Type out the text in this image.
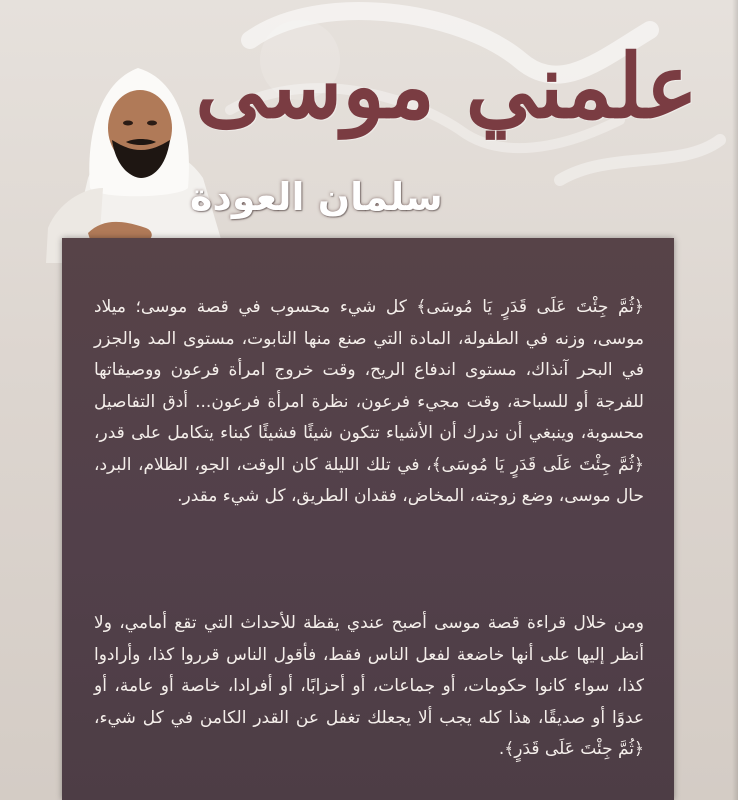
علمني موسى
سلمان العودة

﴿ثُمَّ جِئْتَ عَلَى قَدَرٍ يَا مُوسَى﴾ كل شيء محسوب في قصة موسى؛ ميلاد موسى، وزنه في الطفولة، المادة التي صنع منها التابوت، مستوى المد والجزر في البحر آنذاك، مستوى اندفاع الريح، وقت خروج امرأة فرعون ووصيفاتها للفرجة أو للسباحة، وقت مجيء فرعون، نظرة امرأة فرعون... أدق التفاصيل محسوبة، وينبغي أن ندرك أن الأشياء تتكون شيئًا فشيئًا كبناء يتكامل على قدر،﴿ثُمَّ جِئْتَ عَلَى قَدَرٍ يَا مُوسَى﴾، في تلك الليلة كان الوقت، الجو، الظلام، البرد، حال موسى، وضع زوجته، المخاض، فقدان الطريق، كل شيء مقدر.

ومن خلال قراءة قصة موسى أصبح عندي يقظة للأحداث التي تقع أمامي، ولا أنظر إليها على أنها خاضعة لفعل الناس فقط، فأقول الناس قرروا كذا، وأرادوا كذا، سواء كانوا حكومات، أو جماعات، أو أحزابًا، أو أفرادا، خاصة أو عامة، أو عدوًا أو صديقًا، هذا كله يجب ألا يجعلك تغفل عن القدر الكامن في كل شيء،﴿ثُمَّ جِئْتَ عَلَى قَدَرٍ﴾.
